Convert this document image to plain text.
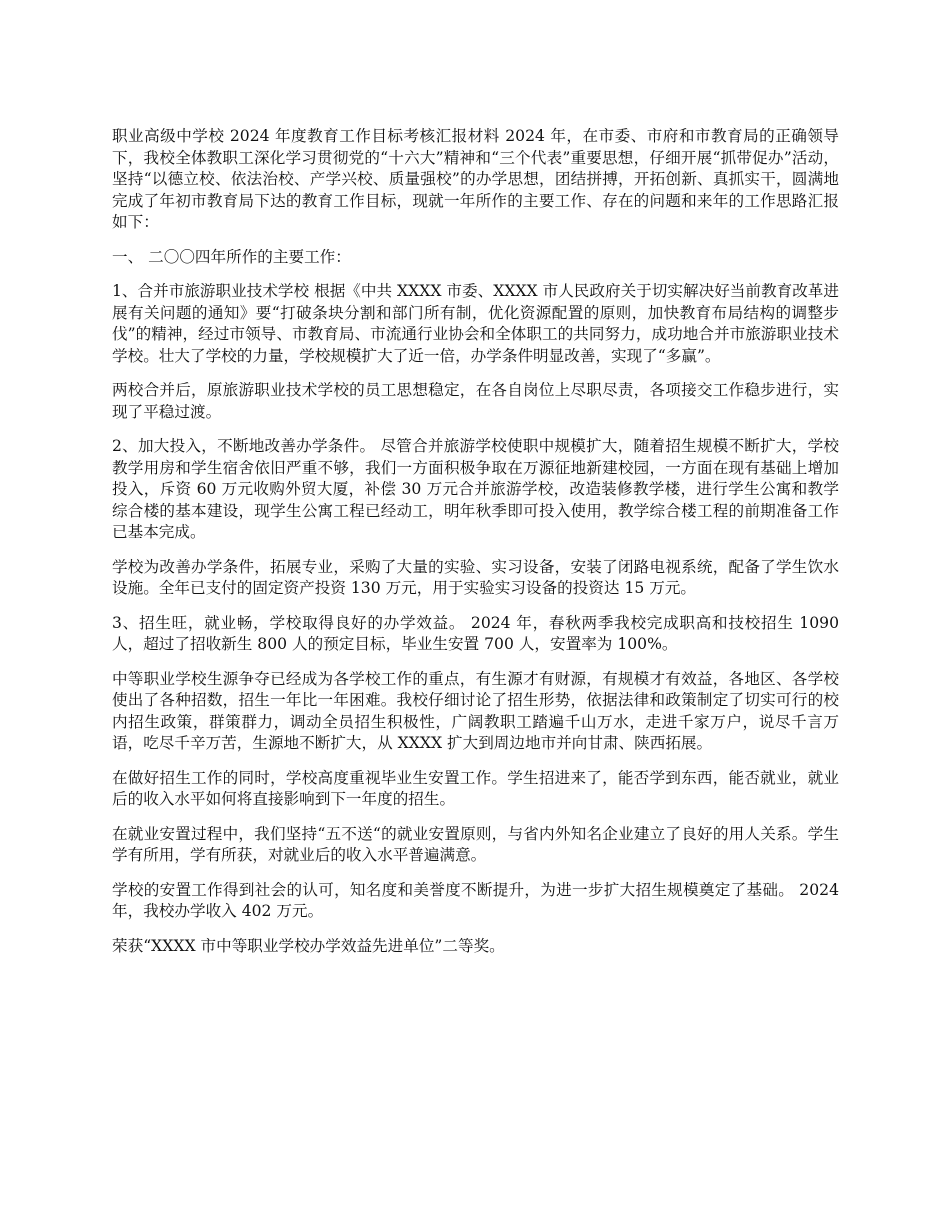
职业高级中学校 2024 年度教育工作目标考核汇报材料 2024 年，在市委、市府和市教育局的正确领导下，我校全体教职工深化学习贯彻党的“十六大”精神和“三个代表”重要思想，仔细开展“抓带促办”活动，坚持“以德立校、依法治校、产学兴校、质量强校”的办学思想，团结拼搏，开拓创新、真抓实干，圆满地完成了年初市教育局下达的教育工作目标，现就一年所作的主要工作、存在的问题和来年的工作思路汇报如下：

一、 二〇〇四年所作的主要工作：

1、合并市旅游职业技术学校 根据《中共 XXXX 市委、XXXX 市人民政府关于切实解决好当前教育改革进展有关问题的通知》要“打破条块分割和部门所有制，优化资源配置的原则，加快教育布局结构的调整步伐”的精神，经过市领导、市教育局、市流通行业协会和全体职工的共同努力，成功地合并市旅游职业技术学校。壮大了学校的力量，学校规模扩大了近一倍，办学条件明显改善，实现了“多赢”。

两校合并后，原旅游职业技术学校的员工思想稳定，在各自岗位上尽职尽责，各项接交工作稳步进行，实现了平稳过渡。

2、加大投入，不断地改善办学条件。 尽管合并旅游学校使职中规模扩大，随着招生规模不断扩大，学校教学用房和学生宿舍依旧严重不够，我们一方面积极争取在万源征地新建校园，一方面在现有基础上增加投入，斥资 60 万元收购外贸大厦，补偿 30 万元合并旅游学校，改造装修教学楼，进行学生公寓和教学综合楼的基本建设，现学生公寓工程已经动工，明年秋季即可投入使用，教学综合楼工程的前期准备工作已基本完成。

学校为改善办学条件，拓展专业，采购了大量的实验、实习设备，安装了闭路电视系统，配备了学生饮水设施。全年已支付的固定资产投资 130 万元，用于实验实习设备的投资达 15 万元。

3、招生旺，就业畅，学校取得良好的办学效益。 2024 年，春秋两季我校完成职高和技校招生 1090 人，超过了招收新生 800 人的预定目标，毕业生安置 700 人，安置率为 100%。

中等职业学校生源争夺已经成为各学校工作的重点，有生源才有财源，有规模才有效益，各地区、各学校使出了各种招数，招生一年比一年困难。我校仔细讨论了招生形势，依据法律和政策制定了切实可行的校内招生政策，群策群力，调动全员招生积极性，广阔教职工踏遍千山万水，走进千家万户，说尽千言万语，吃尽千辛万苦，生源地不断扩大，从 XXXX 扩大到周边地市并向甘肃、陕西拓展。

在做好招生工作的同时，学校高度重视毕业生安置工作。学生招进来了，能否学到东西，能否就业，就业后的收入水平如何将直接影响到下一年度的招生。

在就业安置过程中，我们坚持“五不送“的就业安置原则，与省内外知名企业建立了良好的用人关系。学生学有所用，学有所获，对就业后的收入水平普遍满意。

学校的安置工作得到社会的认可，知名度和美誉度不断提升，为进一步扩大招生规模奠定了基础。 2024 年，我校办学收入 402 万元。

荣获“XXXX 市中等职业学校办学效益先进单位”二等奖。
